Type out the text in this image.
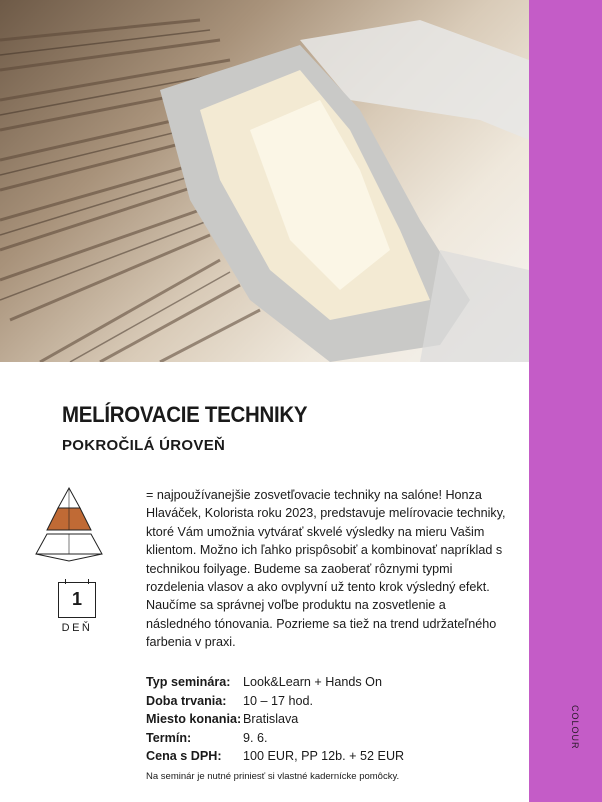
COLOUR
MELÍROVACIE TECHNIKY
POKROČILÁ ÚROVEŇ
1
DEŇ

= najpoužívanejšie zosvetľovacie techniky na salóne! Honza Hlaváček, Kolorista roku 2023, predstavuje melírovacie techniky, ktoré Vám umožnia vytvárať skvelé výsledky na mieru Vašim klientom. Možno ich ľahko prispôsobiť a kombinovať napríklad s technikou foilyage. Budeme sa zaoberať rôznymi typmi rozdelenia vlasov a ako ovplyvní už tento krok výsledný efekt. Naučíme sa správnej voľbe produktu na zosvetlenie a následného tónovania. Pozrieme sa tiež na trend udržateľného farbenia v praxi.

Typ seminára: Look&Learn + Hands On
Doba trvania:	10 – 17 hod.
Miesto konania: Bratislava
Termín:	9. 6.
Cena s DPH:	100 EUR, PP 12b. + 52 EUR

Na seminár je nutné priniesť si vlastné kadernícke pomôcky.
